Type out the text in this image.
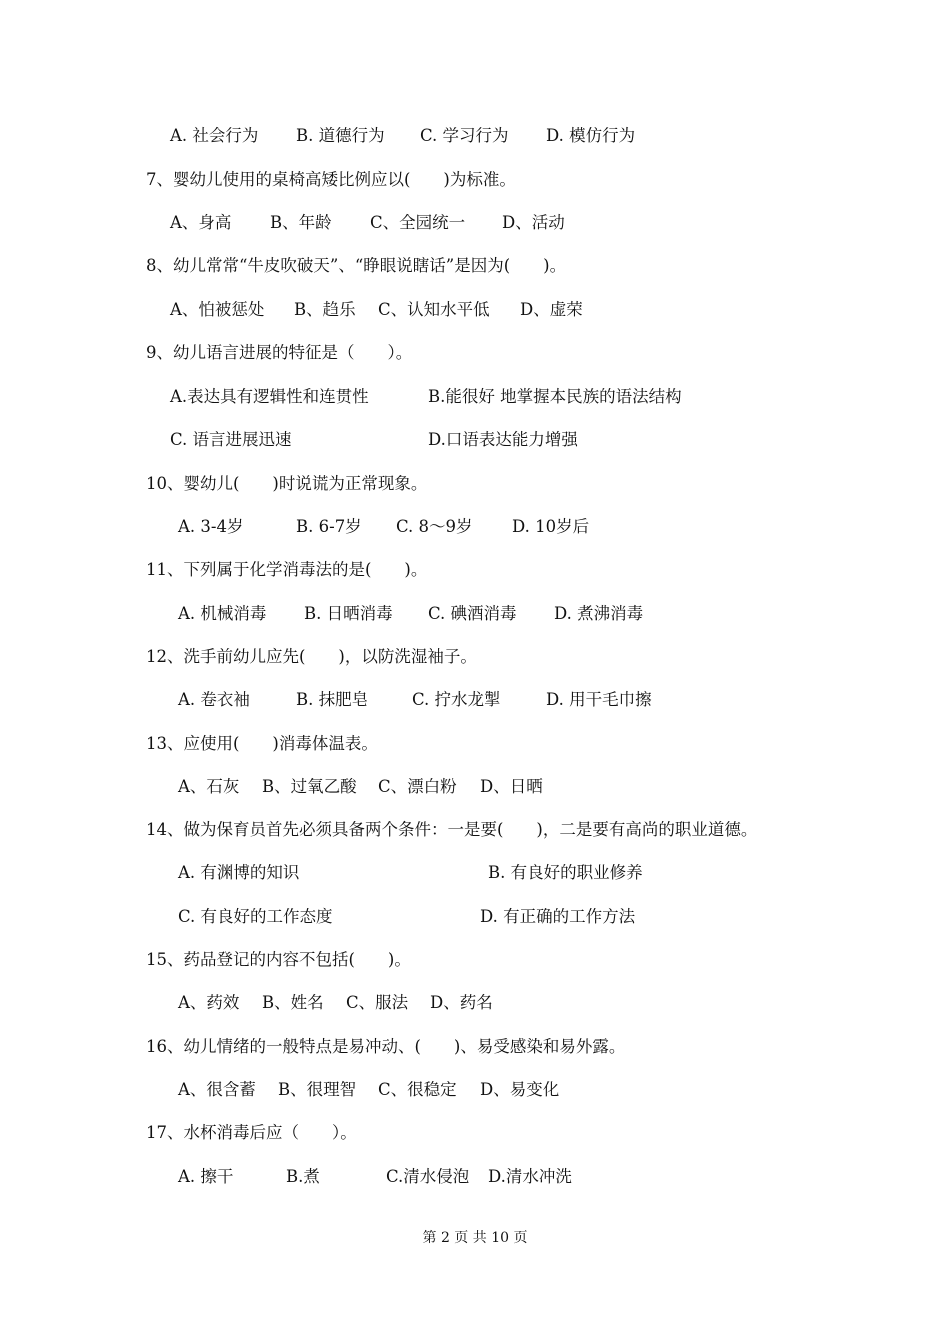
A. 社会行为 B. 道德行为 C. 学习行为 D. 模仿行为
7、婴幼儿使用的桌椅高矮比例应以(　　)为标准。
A、身高 B、年龄 C、全园统一 D、活动
8、幼儿常常“牛皮吹破天”、“睁眼说瞎话”是因为(　　)。
A、怕被惩处 B、趋乐 C、认知水平低 D、虚荣
9、幼儿语言进展的特征是（　　）。
A.表达具有逻辑性和连贯性	B.能很好 地掌握本民族的语法结构
C. 语言进展迅速	D.口语表达能力增强
10、婴幼儿(　　)时说谎为正常现象。
A. 3-4岁	B. 6-7岁 C. 8～9岁 D. 10岁后
11、下列属于化学消毒法的是(　　)。
A. 机械消毒 B. 日晒消毒 C. 碘酒消毒 D. 煮沸消毒
12、洗手前幼儿应先(　　)，以防洗湿袖子。
A. 卷衣袖	B. 抹肥皂	C. 拧水龙掣	D. 用干毛巾擦
13、应使用(　　)消毒体温表。
A、石灰 B、过氧乙酸 C、漂白粉 D、日晒
14、做为保育员首先必须具备两个条件：一是要(　　)，二是要有高尚的职业道德。
A. 有渊博的知识	B. 有良好的职业修养
C. 有良好的工作态度	D. 有正确的工作方法
15、药品登记的内容不包括(　　)。
A、药效 B、姓名 C、服法 D、药名
16、幼儿情绪的一般特点是易冲动、(　　)、易受感染和易外露。
A、很含蓄 B、很理智 C、很稳定 D、易变化
17、水杯消毒后应（　　）。
A. 擦干	B.煮	C.清水侵泡 D.清水冲洗
第 2 页 共 10 页
